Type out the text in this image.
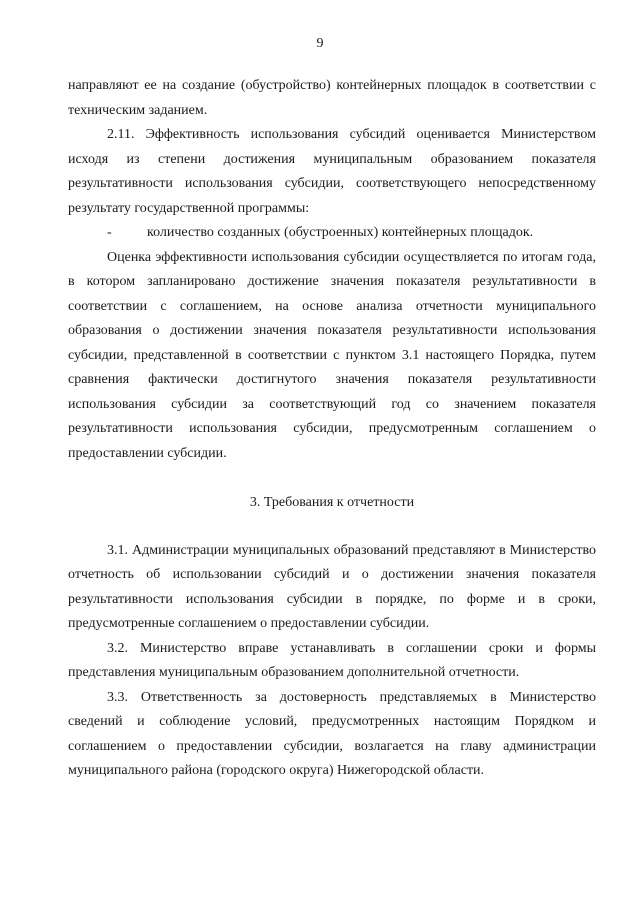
9

направляют ее на создание (обустройство) контейнерных площадок в соответствии с техническим заданием.

2.11. Эффективность использования субсидий оценивается Министерством исходя из степени достижения муниципальным образованием показателя результативности использования субсидии, соответствующего непосредственному результату государственной программы:

-	количество созданных (обустроенных) контейнерных площадок.

Оценка эффективности использования субсидии осуществляется по итогам года, в котором запланировано достижение значения показателя результативности в соответствии с соглашением, на основе анализа отчетности муниципального образования о достижении значения показателя результативности использования субсидии, представленной в соответствии с пунктом 3.1 настоящего Порядка, путем сравнения фактически достигнутого значения показателя результативности использования субсидии за соответствующий год со значением показателя результативности использования субсидии, предусмотренным соглашением о предоставлении субсидии.

3. Требования к отчетности

3.1. Администрации муниципальных образований представляют в Министерство отчетность об использовании субсидий и о достижении значения показателя результативности использования субсидии в порядке, по форме и в сроки, предусмотренные соглашением о предоставлении субсидии.

3.2. Министерство вправе устанавливать в соглашении сроки и формы представления муниципальным образованием дополнительной отчетности.

3.3. Ответственность за достоверность представляемых в Министерство сведений и соблюдение условий, предусмотренных настоящим Порядком и соглашением о предоставлении субсидии, возлагается на главу администрации муниципального района (городского округа) Нижегородской области.
